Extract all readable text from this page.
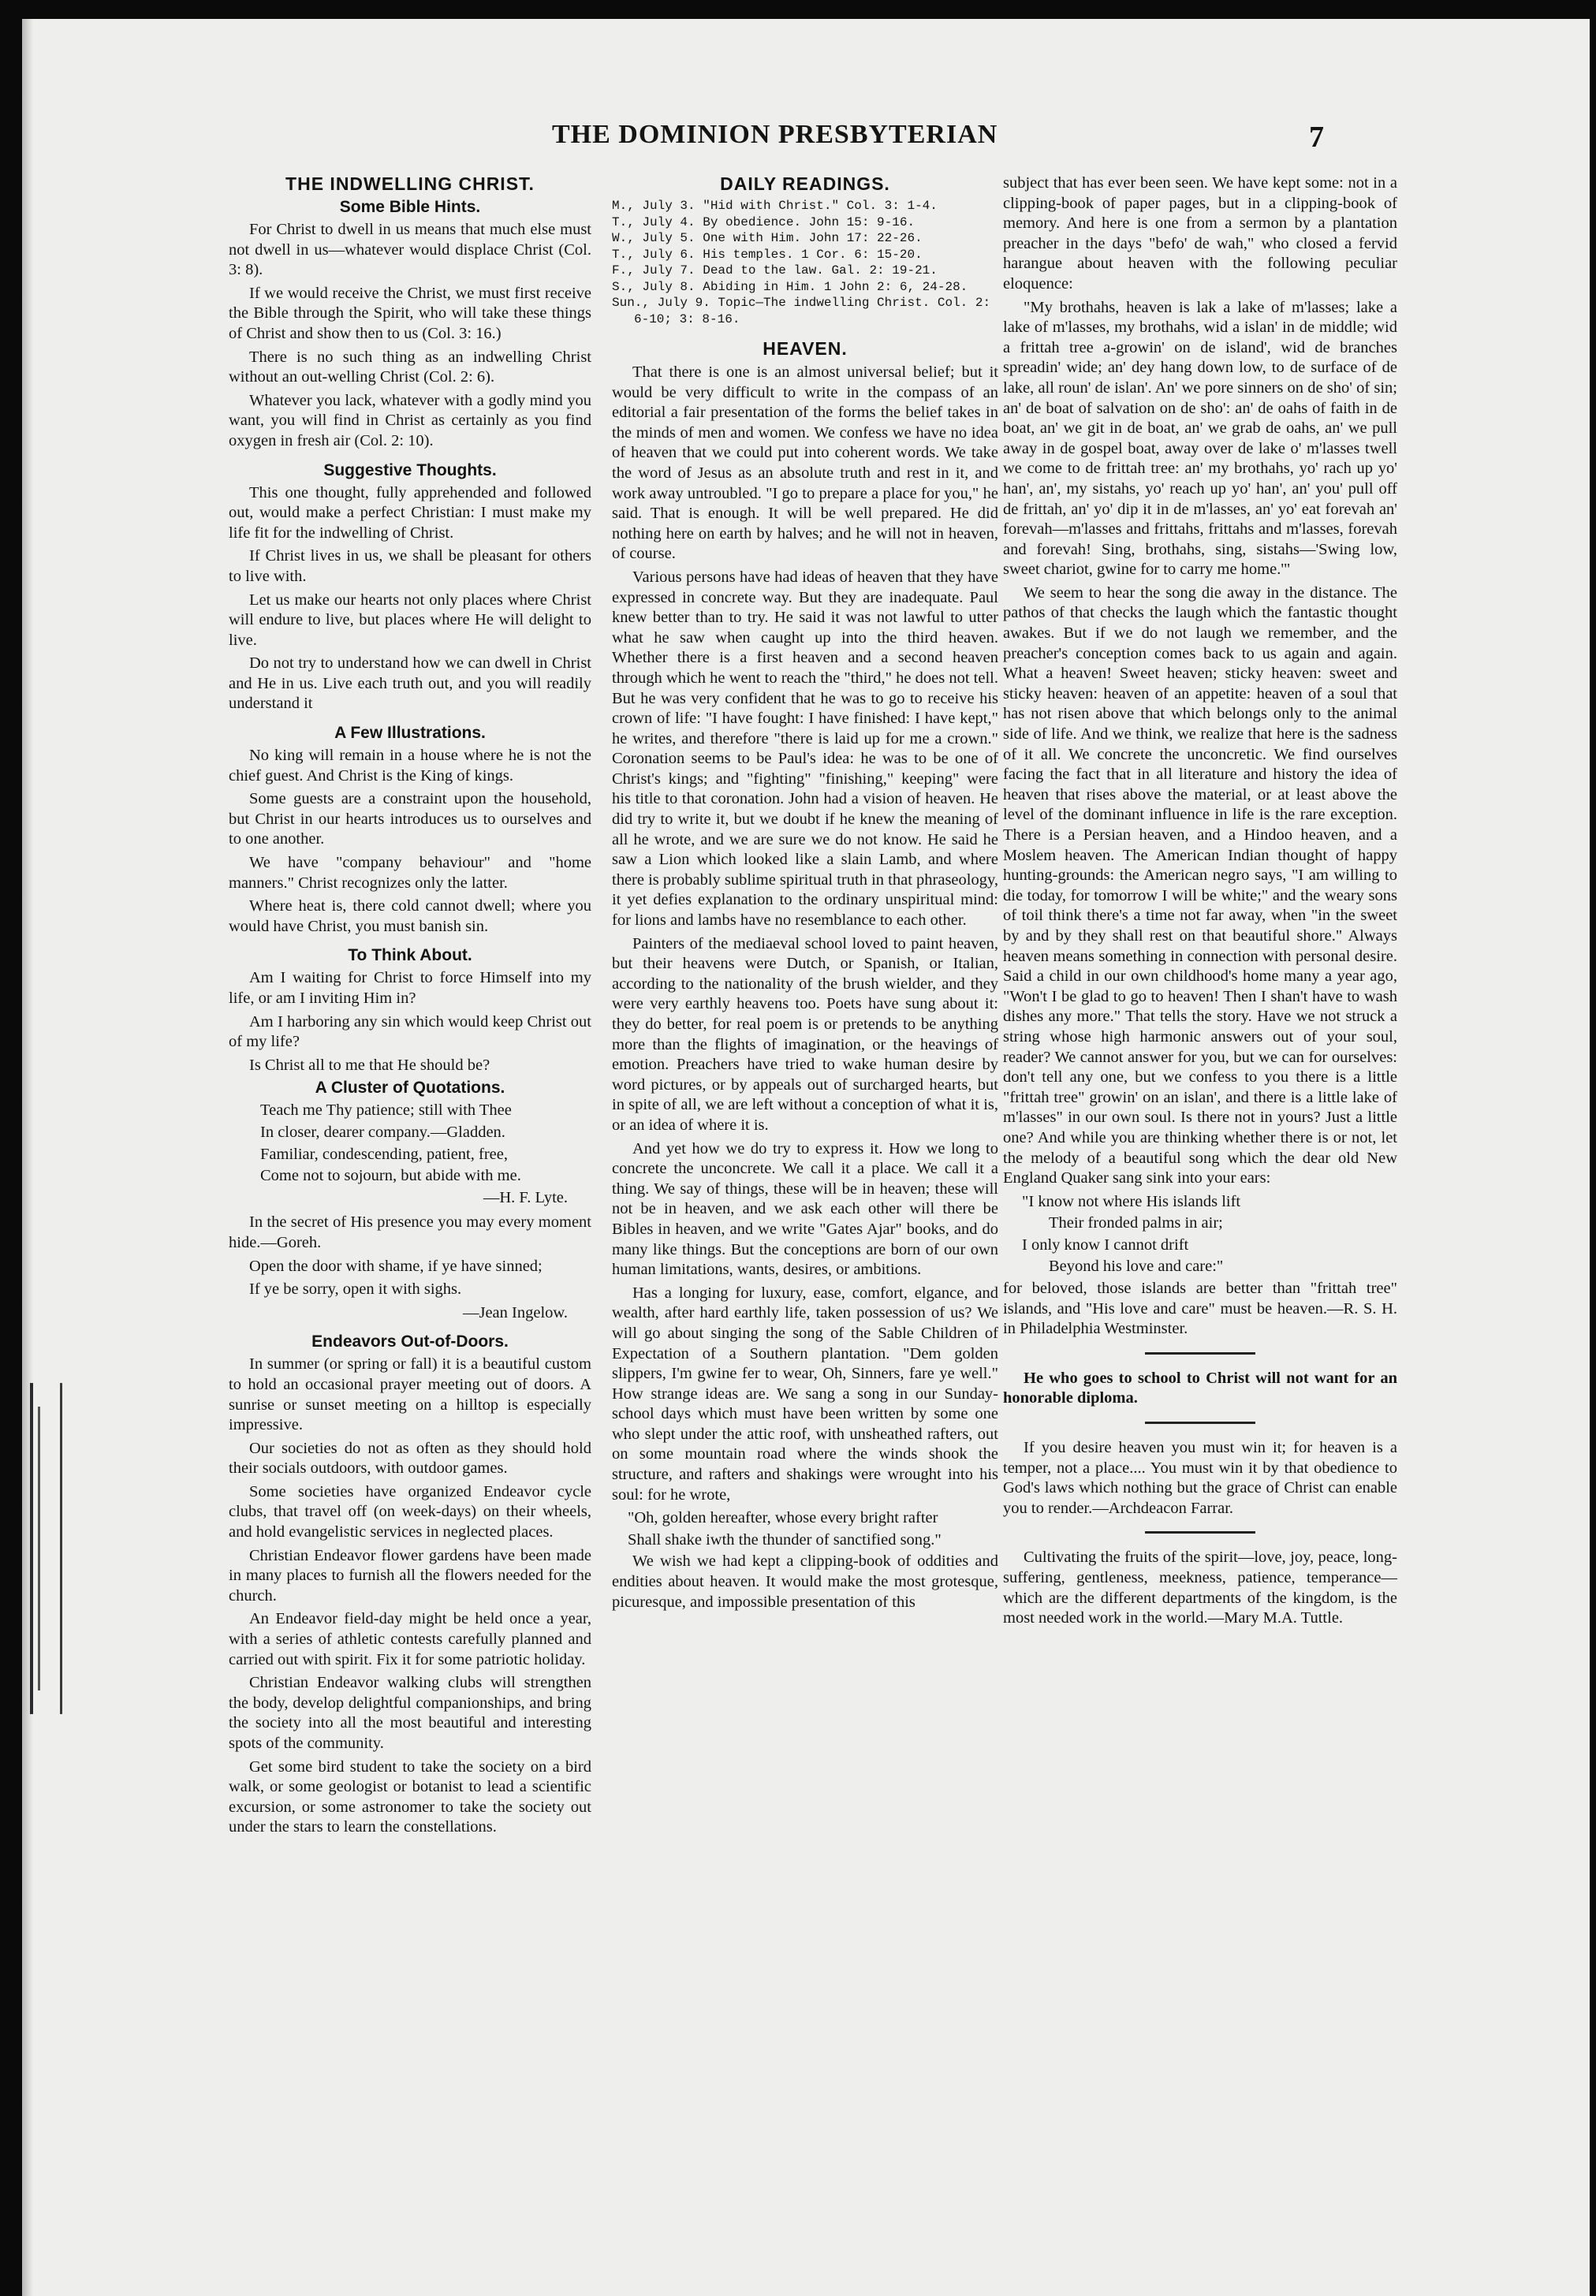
THE DOMINION PRESBYTERIAN	7
THE INDWELLING CHRIST.
Some Bible Hints.

For Christ to dwell in us means that much else must not dwell in us—whatever would displace Christ (Col. 3: 8).

If we would receive the Christ, we must first receive the Bible through the Spirit, who will take these things of Christ and show then to us (Col. 3: 16.)

There is no such thing as an indwelling Christ without an out-welling Christ (Col. 2: 6).

Whatever you lack, whatever with a godly mind you want, you will find in Christ as certainly as you find oxygen in fresh air (Col. 2: 10).

Suggestive Thoughts.

This one thought, fully apprehended and followed out, would make a perfect Christian: I must make my life fit for the indwelling of Christ.

If Christ lives in us, we shall be pleasant for others to live with.

Let us make our hearts not only places where Christ will endure to live, but places where He will delight to live.

Do not try to understand how we can dwell in Christ and He in us. Live each truth out, and you will readily understand it

A Few Illustrations.

No king will remain in a house where he is not the chief guest. And Christ is the King of kings.

Some guests are a constraint upon the household, but Christ in our hearts introduces us to ourselves and to one another.

We have "company behaviour" and "home manners." Christ recognizes only the latter.

Where heat is, there cold cannot dwell; where you would have Christ, you must banish sin.

To Think About.

Am I waiting for Christ to force Himself into my life, or am I inviting Him in?

Am I harboring any sin which would keep Christ out of my life?

Is Christ all to me that He should be?

A Cluster of Quotations.
Teach me Thy patience; still with Thee
In closer, dearer company.—Gladden.
Familiar, condescending, patient, free,
Come not to sojourn, but abide with me.
—H. F. Lyte.

In the secret of His presence you may every moment hide.—Goreh.

Open the door with shame, if ye have sinned;

If ye be sorry, open it with sighs.

—Jean Ingelow.
Endeavors Out-of-Doors.

In summer (or spring or fall) it is a beautiful custom to hold an occasional prayer meeting out of doors. A sunrise or sunset meeting on a hilltop is especially impressive.

Our societies do not as often as they should hold their socials outdoors, with outdoor games.

Some societies have organized Endeavor cycle clubs, that travel off (on week-days) on their wheels, and hold evangelistic services in neglected places.

Christian Endeavor flower gardens have been made in many places to furnish all the flowers needed for the church.

An Endeavor field-day might be held once a year, with a series of athletic contests carefully planned and carried out with spirit. Fix it for some patriotic holiday.

Christian Endeavor walking clubs will strengthen the body, develop delightful companionships, and bring the society into all the most beautiful and interesting spots of the community.

Get some bird student to take the society on a bird walk, or some geologist or botanist to lead a scientific excursion, or some astronomer to take the society out under the stars to learn the constellations.

DAILY READINGS.
M., July 3. "Hid with Christ." Col. 3: 1-4.
T., July 4. By obedience. John 15: 9-16.
W., July 5. One with Him. John 17: 22-26.
T., July 6. His temples. 1 Cor. 6: 15-20.
F., July 7. Dead to the law. Gal. 2: 19-21.
S., July 8. Abiding in Him. 1 John 2: 6, 24-28.
Sun., July 9. Topic—The indwelling Christ. Col. 2: 6-10; 3: 8-16.
HEAVEN.

That there is one is an almost universal belief; but it would be very difficult to write in the compass of an editorial a fair presentation of the forms the belief takes in the minds of men and women. We confess we have no idea of heaven that we could put into coherent words. We take the word of Jesus as an absolute truth and rest in it, and work away untroubled. "I go to prepare a place for you," he said. That is enough. It will be well prepared. He did nothing here on earth by halves; and he will not in heaven, of course.

Various persons have had ideas of heaven that they have expressed in concrete way. But they are inadequate. Paul knew better than to try. He said it was not lawful to utter what he saw when caught up into the third heaven. Whether there is a first heaven and a second heaven through which he went to reach the "third," he does not tell. But he was very confident that he was to go to receive his crown of life: "I have fought: I have finished: I have kept," he writes, and therefore "there is laid up for me a crown." Coronation seems to be Paul's idea: he was to be one of Christ's kings; and "fighting" "finishing," keeping" were his title to that coronation. John had a vision of heaven. He did try to write it, but we doubt if he knew the meaning of all he wrote, and we are sure we do not know. He said he saw a Lion which looked like a slain Lamb, and where there is probably sublime spiritual truth in that phraseology, it yet defies explanation to the ordinary unspiritual mind: for lions and lambs have no resemblance to each other.

Painters of the mediaeval school loved to paint heaven, but their heavens were Dutch, or Spanish, or Italian, according to the nationality of the brush wielder, and they were very earthly heavens too. Poets have sung about it: they do better, for real poem is or pretends to be anything more than the flights of imagination, or the heavings of emotion. Preachers have tried to wake human desire by word pictures, or by appeals out of surcharged hearts, but in spite of all, we are left without a conception of what it is, or an idea of where it is.

And yet how we do try to express it. How we long to concrete the unconcrete. We call it a place. We call it a thing. We say of things, these will be in heaven; these will not be in heaven, and we ask each other will there be Bibles in heaven, and we write "Gates Ajar" books, and do many like things. But the conceptions are born of our own human limitations, wants, desires, or ambitions.

Has a longing for luxury, ease, comfort, elgance, and wealth, after hard earthly life, taken possession of us? We will go about singing the song of the Sable Children of Expectation of a Southern plantation. "Dem golden slippers, I'm gwine fer to wear, Oh, Sinners, fare ye well." How strange ideas are. We sang a song in our Sunday-school days which must have been written by some one who slept under the attic roof, with unsheathed rafters, out on some mountain road where the winds shook the structure, and rafters and shakings were wrought into his soul: for he wrote,

"Oh, golden hereafter, whose every bright rafter
Shall shake iwth the thunder of sanctified song."

We wish we had kept a clipping-book of oddities and endities about heaven. It would make the most grotesque, picuresque, and impossible presentation of this

subject that has ever been seen. We have kept some: not in a clipping-book of paper pages, but in a clipping-book of memory. And here is one from a sermon by a plantation preacher in the days "befo' de wah," who closed a fervid harangue about heaven with the following peculiar eloquence:

"My brothahs, heaven is lak a lake of m'lasses; lake a lake of m'lasses, my brothahs, wid a islan' in de middle; wid a frittah tree a-growin' on de island', wid de branches spreadin' wide; an' dey hang down low, to de surface of de lake, all roun' de islan'. An' we pore sinners on de sho' of sin; an' de boat of salvation on de sho': an' de oahs of faith in de boat, an' we git in de boat, an' we grab de oahs, an' we pull away in de gospel boat, away over de lake o' m'lasses twell we come to de frittah tree: an' my brothahs, yo' rach up yo' han', an', my sistahs, yo' reach up yo' han', an' you' pull off de frittah, an' yo' dip it in de m'lasses, an' yo' eat forevah an' forevah—m'lasses and frittahs, frittahs and m'lasses, forevah and forevah! Sing, brothahs, sing, sistahs—'Swing low, sweet chariot, gwine for to carry me home.'"

We seem to hear the song die away in the distance. The pathos of that checks the laugh which the fantastic thought awakes. But if we do not laugh we remember, and the preacher's conception comes back to us again and again. What a heaven! Sweet heaven; sticky heaven: sweet and sticky heaven: heaven of an appetite: heaven of a soul that has not risen above that which belongs only to the animal side of life. And we think, we realize that here is the sadness of it all. We concrete the unconcretic. We find ourselves facing the fact that in all literature and history the idea of heaven that rises above the material, or at least above the level of the dominant influence in life is the rare exception. There is a Persian heaven, and a Hindoo heaven, and a Moslem heaven. The American Indian thought of happy hunting-grounds: the American negro says, "I am willing to die today, for tomorrow I will be white;" and the weary sons of toil think there's a time not far away, when "in the sweet by and by they shall rest on that beautiful shore." Always heaven means something in connection with personal desire. Said a child in our own childhood's home many a year ago, "Won't I be glad to go to heaven! Then I shan't have to wash dishes any more." That tells the story. Have we not struck a string whose high harmonic answers out of your soul, reader? We cannot answer for you, but we can for ourselves: don't tell any one, but we confess to you there is a little "frittah tree" growin' on an islan', and there is a little lake of m'lasses" in our own soul. Is there not in yours? Just a little one? And while you are thinking whether there is or not, let the melody of a beautiful song which the dear old New England Quaker sang sink into your ears:

"I know not where His islands lift
Their fronded palms in air;
I only know I cannot drift
Beyond his love and care:"

for beloved, those islands are better than "frittah tree" islands, and "His love and care" must be heaven.—R. S. H. in Philadelphia Westminster.

He who goes to school to Christ will not want for an honorable diploma.

If you desire heaven you must win it; for heaven is a temper, not a place.... You must win it by that obedience to God's laws which nothing but the grace of Christ can enable you to render.—Archdeacon Farrar.

Cultivating the fruits of the spirit—love, joy, peace, long-suffering, gentleness, meekness, patience, temperance—which are the different departments of the kingdom, is the most needed work in the world.—Mary M.A. Tuttle.
